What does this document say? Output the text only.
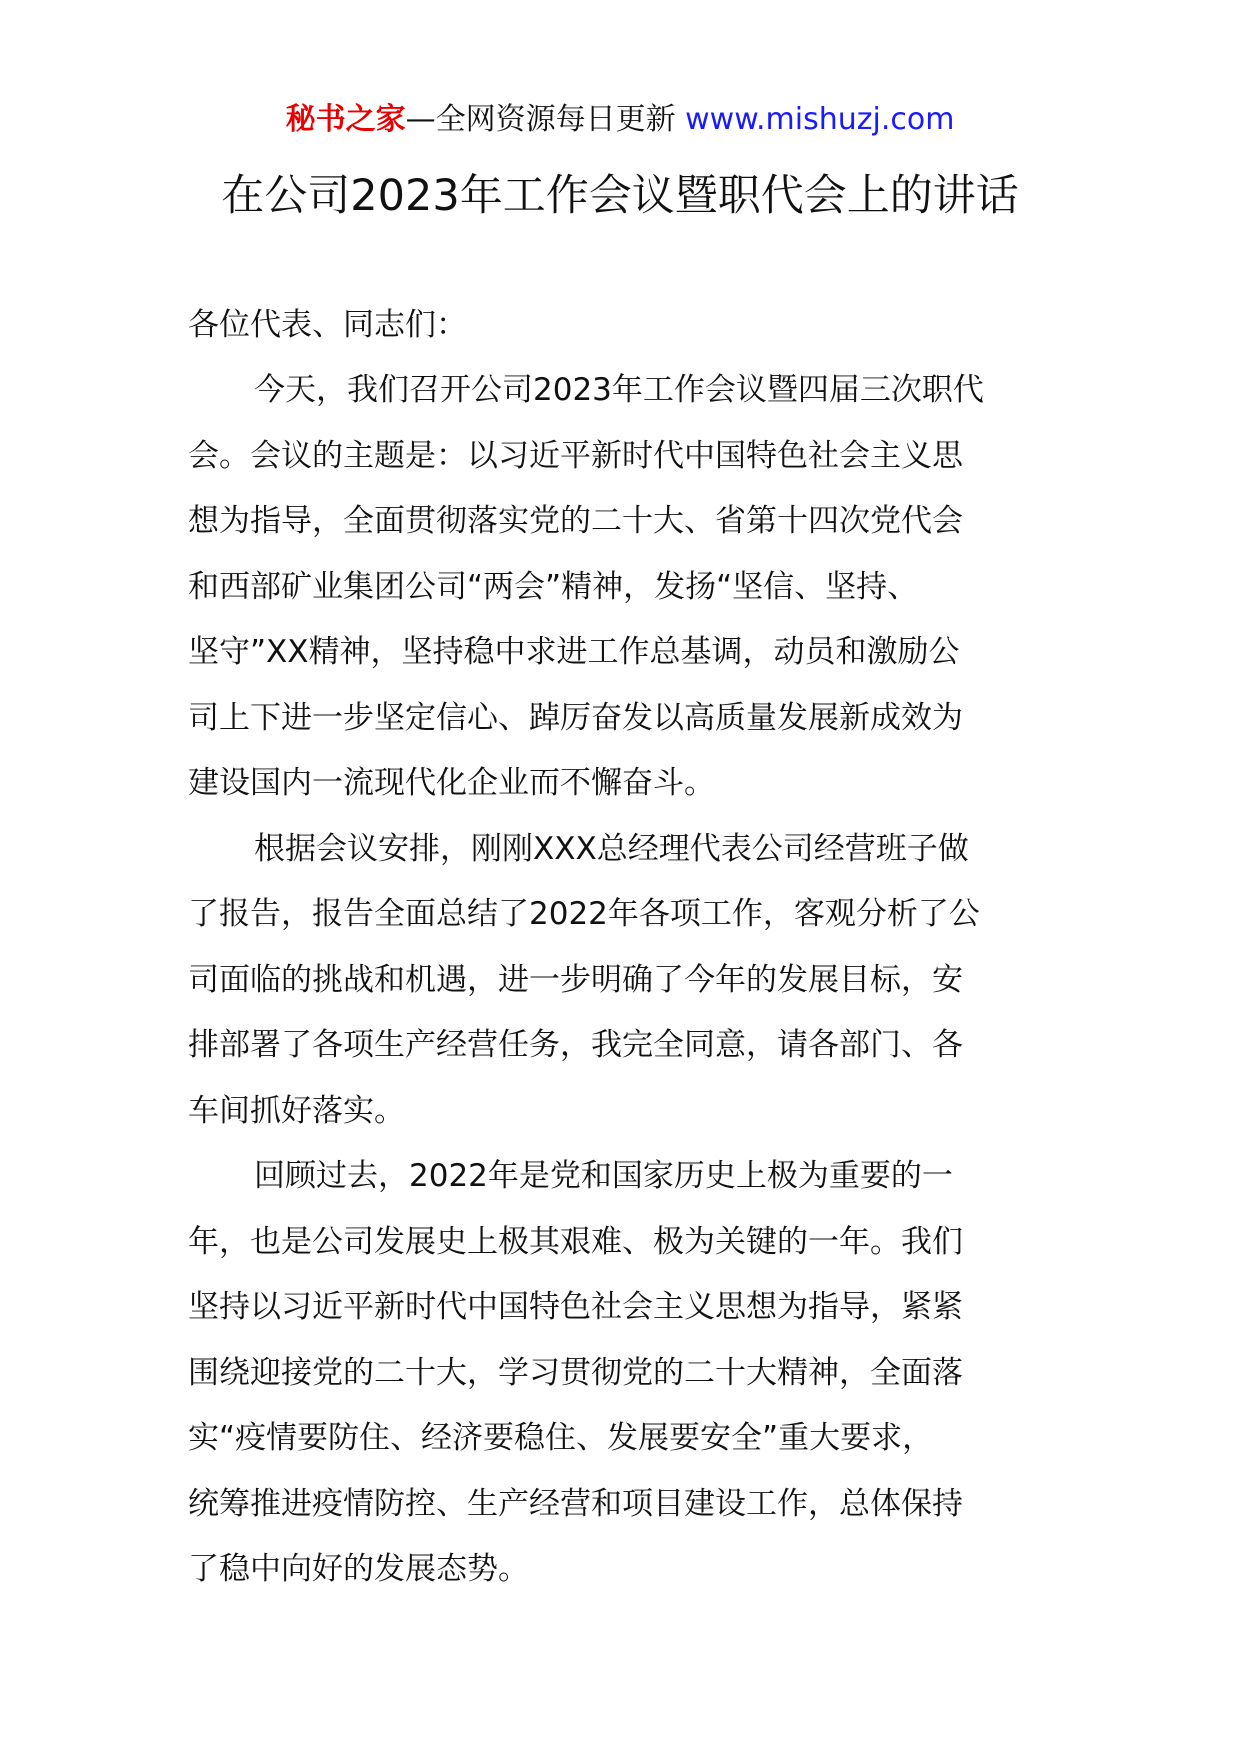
秘书之家—全网资源每日更新 www.mishuzj.com
在公司2023年工作会议暨职代会上的讲话

各位代表、同志们：

今天，我们召开公司2023年工作会议暨四届三次职代
会。会议的主题是：以习近平新时代中国特色社会主义思
想为指导，全面贯彻落实党的二十大、省第十四次党代会
和西部矿业集团公司“两会”精神，发扬“坚信、坚持、
坚守”XX精神，坚持稳中求进工作总基调，动员和激励公
司上下进一步坚定信心、踔厉奋发以高质量发展新成效为
建设国内一流现代化企业而不懈奋斗。
根据会议安排，刚刚XXX总经理代表公司经营班子做
了报告，报告全面总结了2022年各项工作，客观分析了公
司面临的挑战和机遇，进一步明确了今年的发展目标，安
排部署了各项生产经营任务，我完全同意，请各部门、各
车间抓好落实。
回顾过去，2022年是党和国家历史上极为重要的一
年，也是公司发展史上极其艰难、极为关键的一年。我们
坚持以习近平新时代中国特色社会主义思想为指导，紧紧
围绕迎接党的二十大，学习贯彻党的二十大精神，全面落
实“疫情要防住、经济要稳住、发展要安全”重大要求，
统筹推进疫情防控、生产经营和项目建设工作，总体保持
了稳中向好的发展态势。
